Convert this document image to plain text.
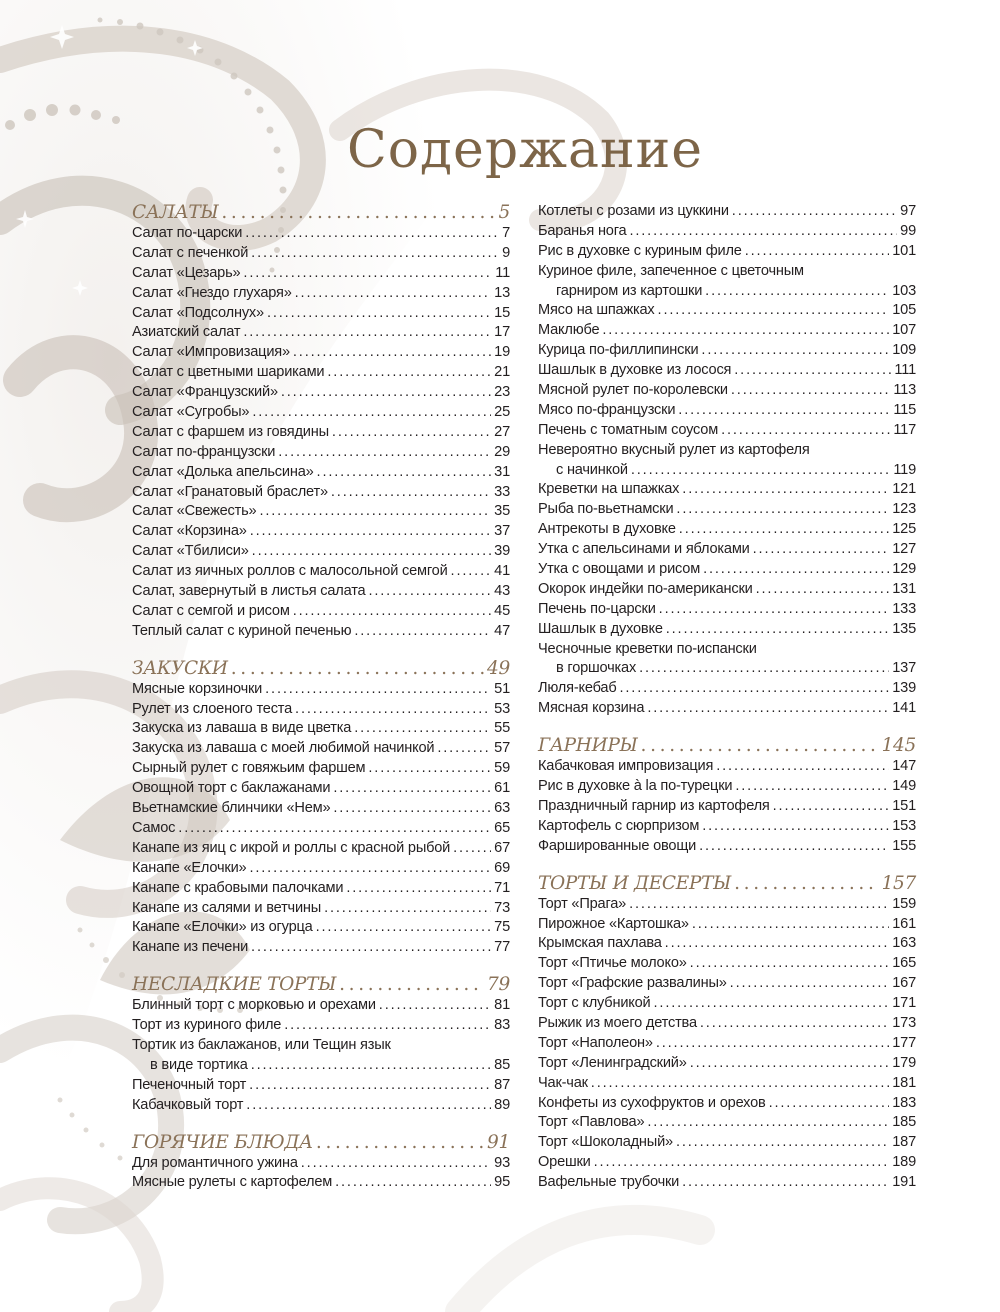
Содержание
САЛАТЫ . . .	5
Салат по-царски . . .	7
Салат с печенкой . . .	9
Салат «Цезарь» . . .	11
Салат «Гнездо глухаря» . . .	13
Салат «Подсолнух» . . .	15
Азиатский салат . . .	17
Салат «Импровизация» . . .	19
Салат с цветными шариками . . .	21
Салат «Французский» . . .	23
Салат «Сугробы» . . .	25
Салат с фаршем из говядины . . .	27
Салат по-французски . . .	29
Салат «Долька апельсина» . . .	31
Салат «Гранатовый браслет» . . .	33
Салат «Свежесть» . . .	35
Салат «Корзина» . . .	37
Салат «Тбилиси» . . .	39
Салат из яичных роллов с малосольной семгой . . .	41
Салат, завернутый в листья салата . . .	43
Салат с семгой и рисом . . .	45
Теплый салат с куриной печенью . . .	47
ЗАКУСКИ . . .	49
Мясные корзиночки . . .	51
Рулет из слоеного теста . . .	53
Закуска из лаваша в виде цветка . . .	55
Закуска из лаваша с моей любимой начинкой . . .	57
Сырный рулет с говяжьим фаршем . . .	59
Овощной торт с баклажанами . . .	61
Вьетнамские блинчики «Нем» . . .	63
Самос . . .	65
Канапе из яиц с икрой и роллы с красной рыбой . . .	67
Канапе «Елочки» . . .	69
Канапе с крабовыми палочками . . .	71
Канапе из салями и ветчины . . .	73
Канапе «Елочки» из огурца . . .	75
Канапе из печени . . .	77
НЕСЛАДКИЕ ТОРТЫ . . .	79
Блинный торт с морковью и орехами . . .	81
Торт из куриного филе . . .	83
Тортик из баклажанов, или Тещин язык
в виде тортика . . .	85
Печеночный торт . . .	87
Кабачковый торт . . .	89
ГОРЯЧИЕ БЛЮДА . . .	91
Для романтичного ужина . . .	93
Мясные рулеты с картофелем . . .	95
Котлеты с розами из цуккини . . .	97
Баранья нога . . .	99
Рис в духовке с куриным филе . . .	101
Куриное филе, запеченное с цветочным
гарниром из картошки . . .	103
Мясо на шпажках . . .	105
Маклюбе . . .	107
Курица по-филлипински . . .	109
Шашлык в духовке из лосося . . .	111
Мясной рулет по-королевски . . .	113
Мясо по-французски . . .	115
Печень с томатным соусом . . .	117
Невероятно вкусный рулет из картофеля
с начинкой . . .	119
Креветки на шпажках . . .	121
Рыба по-вьетнамски . . .	123
Антрекоты в духовке . . .	125
Утка с апельсинами и яблоками . . .	127
Утка с овощами и рисом . . .	129
Окорок индейки по-американски . . .	131
Печень по-царски . . .	133
Шашлык в духовке . . .	135
Чесночные креветки по-испански
в горшочках . . .	137
Люля-кебаб . . .	139
Мясная корзина . . .	141
ГАРНИРЫ . . .	145
Кабачковая импровизация . . .	147
Рис в духовке à la по-турецки . . .	149
Праздничный гарнир из картофеля . . .	151
Картофель с сюрпризом . . .	153
Фаршированные овощи . . .	155
ТОРТЫ И ДЕСЕРТЫ . . .	157
Торт «Прага» . . .	159
Пирожное «Картошка» . . .	161
Крымская пахлава . . .	163
Торт «Птичье молоко» . . .	165
Торт «Графские развалины» . . .	167
Торт с клубникой . . .	171
Рыжик из моего детства . . .	173
Торт «Наполеон» . . .	177
Торт «Ленинградский» . . .	179
Чак-чак . . .	181
Конфеты из сухофруктов и орехов . . .	183
Торт «Павлова» . . .	185
Торт «Шоколадный» . . .	187
Орешки . . .	189
Вафельные трубочки . . .	191
